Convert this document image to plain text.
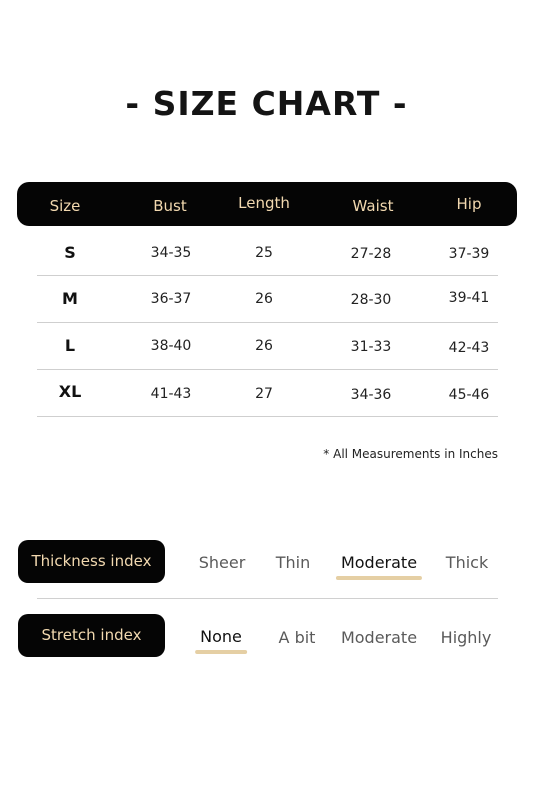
- SIZE CHART -
Size	Bust	Length	Waist	Hip
S	34-35	25	27-28	37-39
M	36-37	26	28-30	39-41
L	38-40	26	31-33	42-43
XL	41-43	27	34-36	45-46
* All Measurements in Inches
Thickness index	Sheer Thin Moderate Thick
Stretch index	None A bit Moderate Highly
